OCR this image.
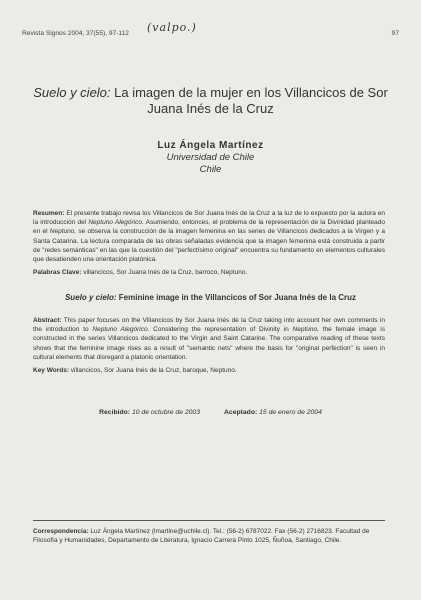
Revista Signos 2004, 37(55), 97-112 (valpo.)	97
Suelo y cielo: La imagen de la mujer en los Villancicos de Sor Juana Inés de la Cruz
Luz Ángela Martínez
Universidad de Chile
Chile
Resumen: El presente trabajo revisa los Villancicos de Sor Juana Inés de la Cruz a la luz de lo expuesto por la autora en la introducción del Neptuno Alegórico. Asumiendo, entonces, el problema de la representación de la Divinidad planteado en el Neptuno, se observa la construcción de la imagen femenina en las series de Villancicos dedicados a la Virgen y a Santa Catarina. La lectura comparada de las obras señaladas evidencia que la imagen femenina está construida a partir de "redes semánticas" en las que la cuestión del "perfectísimo original" encuentra su fundamento en elementos culturales que desatienden una orientación platónica.
Palabras Clave: villancicos, Sor Juana Inés de la Cruz, barroco, Neptuno.
Suelo y cielo: Feminine image in the Villancicos of Sor Juana Inés de la Cruz
Abstract: This paper focuses on the Villancicos by Sor Juana Inés de la Cruz taking into account her own comments in the introduction to Neptuno Alegórico. Considering the representation of Divinity in Neptuno, the female image is constructed in the series Villancicos dedicated to the Virgin and Saint Catarine. The comparative reading of these texts shows that the feminine image rises as a result of "semantic nets" where the basis for "original perfection" is seen in cultural elements that disregard a platonic orientation.
Key Words: villancicos, Sor Juana Inés de la Cruz, baroque, Neptuno.
Recibido: 10 de octubre de 2003	Aceptado: 15 de enero de 2004
Correspondencia: Luz Ángela Martínez (lmartine@uchile.cl). Tel.: (56-2) 6787022. Fax (56-2) 2716823. Facultad de Filosofía y Humanidades, Departamento de Literatura, Ignacio Carrera Pinto 1025, Ñuñoa, Santiago, Chile.
